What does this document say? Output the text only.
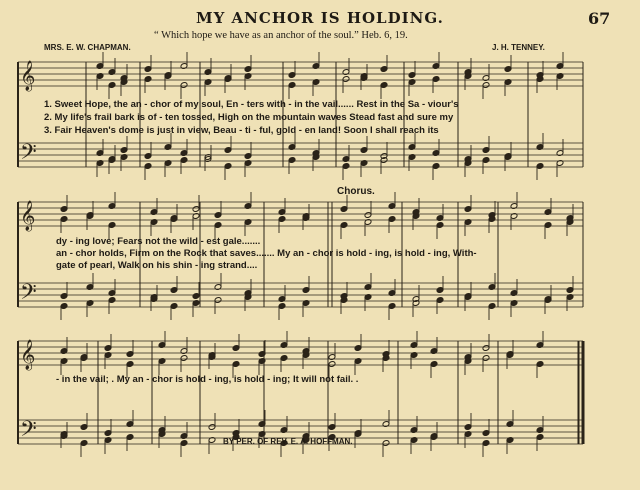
𝄞
𝄢
𝄞
𝄢
𝄞
𝄢
MY ANCHOR IS HOLDING.	67
“ Which hope we have as an anchor of the soul.” Heb. 6, 19.
MRS. E. W. CHAPMAN.	J. H. TENNEY.
1. Sweet Hope, the an - chor of my soul, En - ters with - in the vail...... Rest in the Sa - viour's
2. My life's frail bark is of - ten tossed, High on the mountain waves Stead fast and sure my
3. Fair Heaven's dome is just in view, Beau - ti - ful, gold - en land! Soon I shall reach its
Chorus.
dy - ing love; Fears not the wild - est gale.......
an - chor holds, Firm on the Rock that saves....... My an - chor is hold - ing, is hold - ing, With-
gate of pearl, Walk on his shin - ing strand....
- in the vail; . My an - chor is hold - ing, is hold - ing; It will not fail. .
BY PER. OF REV. E. A. HOFFMAN.
